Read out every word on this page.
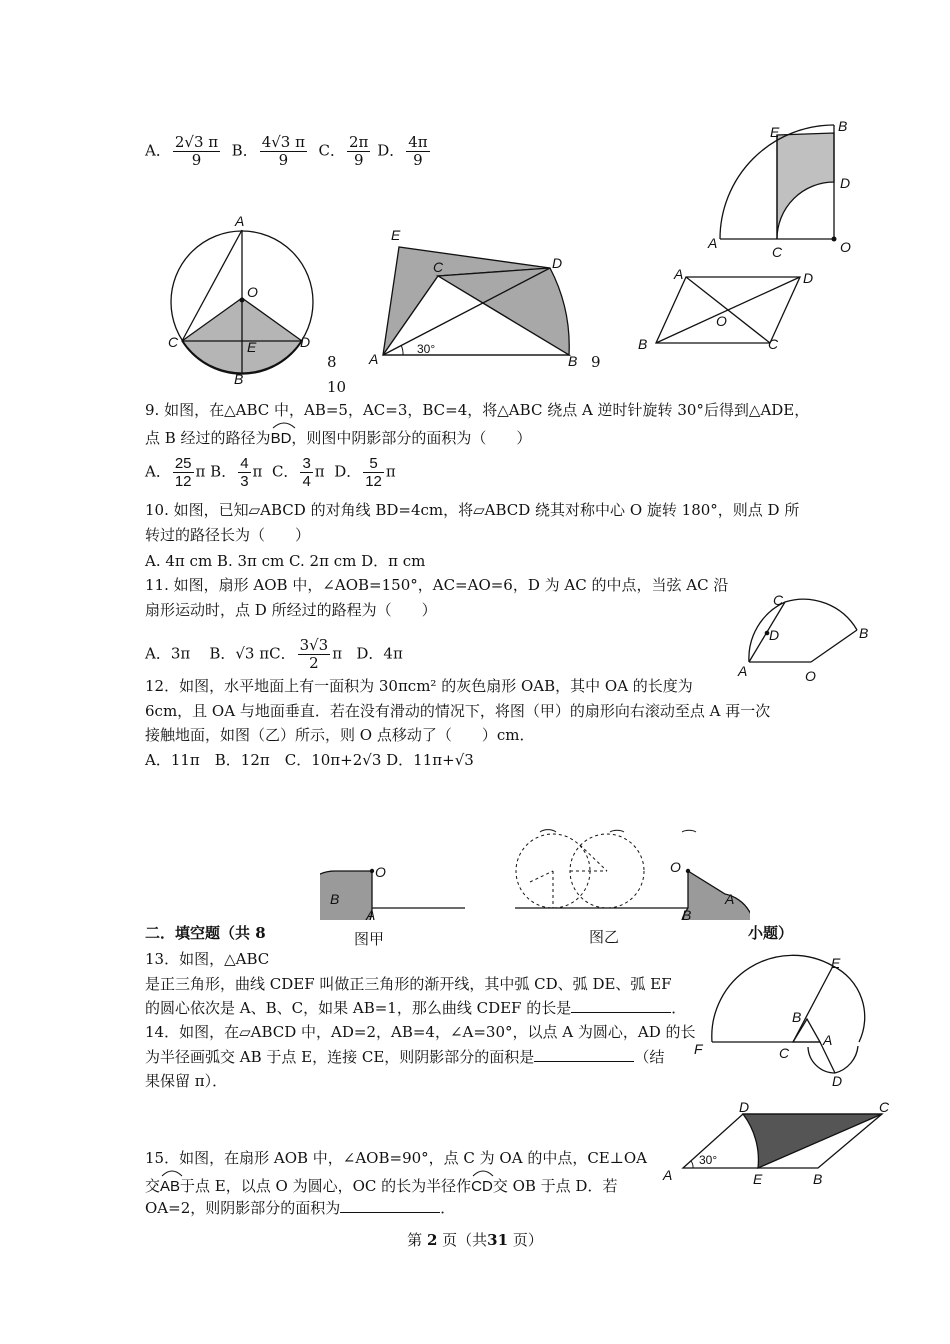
A． $\frac{2√3 \pi}{9}$ B． $\frac{4√3 \pi}{9}$ C． $\frac{2\pi}{9}$ D． $\frac{4\pi}{9}$
E	B
D
A
C	O
A
O
C	E	D
B
E
C	D
A	B
30°
A	D
O
B	C
8
10
9
9. 如图，在△ABC 中，AB=5，AC=3，BC=4，将△ABC 绕点 A 逆时针旋转 30°后得到△ADE，
点 B 经过的路径为
BD，则图中阴影部分的面积为（　　）
A． $\frac{25}{12}$ π B． $\frac{4}{3}$ π C． $\frac{3}{4}$ π D． $\frac{5}{12}$ π
10. 如图，已知▱ABCD 的对角线 BD=4cm，将▱ABCD 绕其对称中心 O 旋转 180°，则点 D 所
转过的路径长为（　　）
A. 4π cm B. 3π cm C. 2π cm D．π cm
11. 如图，扇形 AOB 中，∠AOB=150°，AC=AO=6，D 为 AC 的中点，当弦 AC 沿
扇形运动时，点 D 所经过的路程为（　　）
A．3π B．√3 πC． $\frac{3√3}{2}$ π D．4π
C
D	B
A	O
12．如图，水平地面上有一面积为 30πcm² 的灰色扇形 OAB，其中 OA 的长度为
6cm，且 OA 与地面垂直．若在没有滑动的情况下，将图（甲）的扇形向右滚动至点 A 再一次
接触地面，如图（乙）所示，则 O 点移动了（　　）cm．
A．11π　B．12π　C．10π+2√3 D．11π+√3
O
B
A
O
A
B
图甲	图乙
二．填空题（共 8	小题）
13．如图，△ABC
是正三角形，曲线 CDEF 叫做正三角形的渐开线，其中弧 CD、弧 DE、弧 EF
的圆心依次是 A、B、C，如果 AB=1，那么曲线 CDEF 的长是	．
E
B
A
C
F
D
14．如图，在▱ABCD 中，AD=2，AB=4，∠A=30°，以点 A 为圆心，AD 的长
为半径画弧交 AB 于点 E，连接 CE，则阴影部分的面积是	（结
果保留 π）．
D	C
A	E	B
30°
15．如图，在扇形 AOB 中，∠AOB=90°，点 C 为 OA 的中点，CE⊥OA
交
AB于点 E，以点 O 为圆心，OC 的长为半径作
CD交 OB 于点 D．若
OA=2，则阴影部分的面积为	．
第 2 页（共31 页）
